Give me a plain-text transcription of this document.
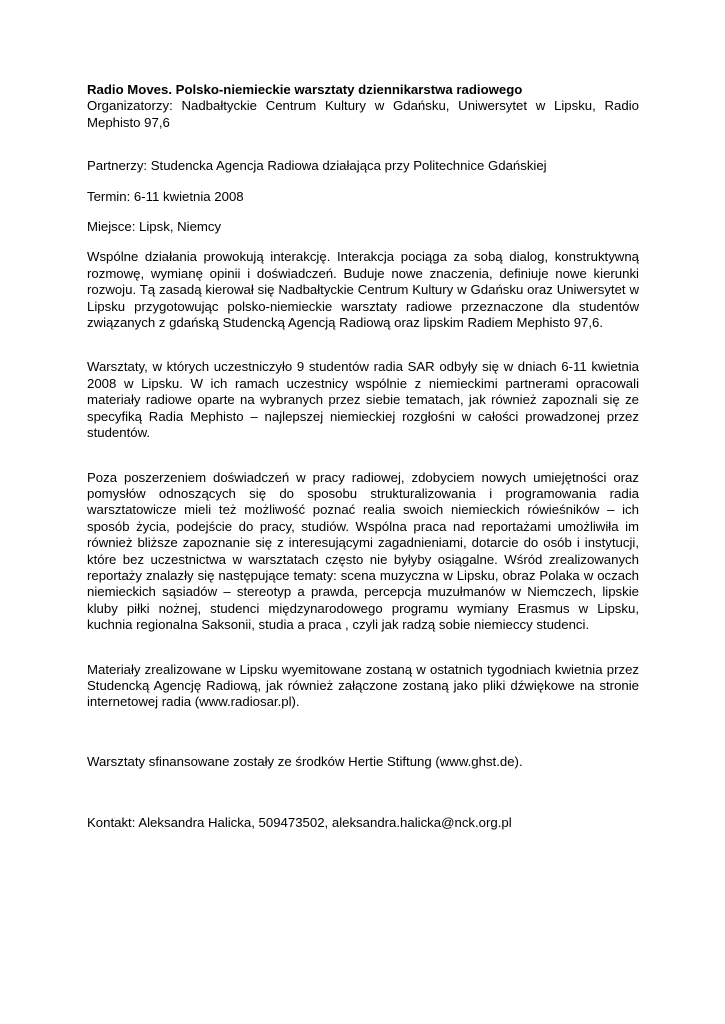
Radio Moves. Polsko-niemieckie warsztaty dziennikarstwa radiowego

Organizatorzy: Nadbałtyckie Centrum Kultury w Gdańsku, Uniwersytet w Lipsku, Radio Mephisto 97,6

Partnerzy: Studencka Agencja Radiowa działająca przy Politechnice Gdańskiej

Termin: 6-11 kwietnia 2008

Miejsce: Lipsk, Niemcy

Wspólne działania prowokują interakcję. Interakcja pociąga za sobą dialog, konstruktywną rozmowę, wymianę opinii i doświadczeń. Buduje nowe znaczenia, definiuje nowe kierunki rozwoju. Tą zasadą kierował się Nadbałtyckie Centrum Kultury w Gdańsku oraz Uniwersytet w Lipsku przygotowując polsko-niemieckie warsztaty radiowe przeznaczone dla studentów związanych z gdańską Studencką Agencją Radiową oraz lipskim Radiem Mephisto 97,6.

Warsztaty, w których uczestniczyło 9 studentów radia SAR odbyły się w dniach 6-11 kwietnia 2008 w Lipsku. W ich ramach uczestnicy wspólnie z niemieckimi partnerami opracowali materiały radiowe oparte na wybranych przez siebie tematach, jak również zapoznali się ze specyfiką Radia Mephisto – najlepszej niemieckiej rozgłośni w całości prowadzonej przez studentów.

Poza poszerzeniem doświadczeń w pracy radiowej, zdobyciem nowych umiejętności oraz pomysłów odnoszących się do sposobu strukturalizowania i programowania radia warsztatowicze mieli też możliwość poznać realia swoich niemieckich rówieśników – ich sposób życia, podejście do pracy, studiów. Wspólna praca nad reportażami umożliwiła im również bliższe zapoznanie się z interesującymi zagadnieniami, dotarcie do osób i instytucji, które bez uczestnictwa w warsztatach często nie byłyby osiągalne. Wśród zrealizowanych reportaży znalazły się następujące tematy: scena muzyczna w Lipsku, obraz Polaka w oczach niemieckich sąsiadów – stereotyp a prawda, percepcja muzułmanów w Niemczech, lipskie kluby piłki nożnej, studenci międzynarodowego programu wymiany Erasmus w Lipsku, kuchnia regionalna Saksonii, studia a praca , czyli jak radzą sobie niemieccy studenci.

Materiały zrealizowane w Lipsku wyemitowane zostaną w ostatnich tygodniach kwietnia przez Studencką Agencję Radiową, jak również załączone zostaną jako pliki dźwiękowe na stronie internetowej radia (www.radiosar.pl).

Warsztaty sfinansowane zostały ze środków Hertie Stiftung (www.ghst.de).

Kontakt: Aleksandra Halicka, 509473502, aleksandra.halicka@nck.org.pl
